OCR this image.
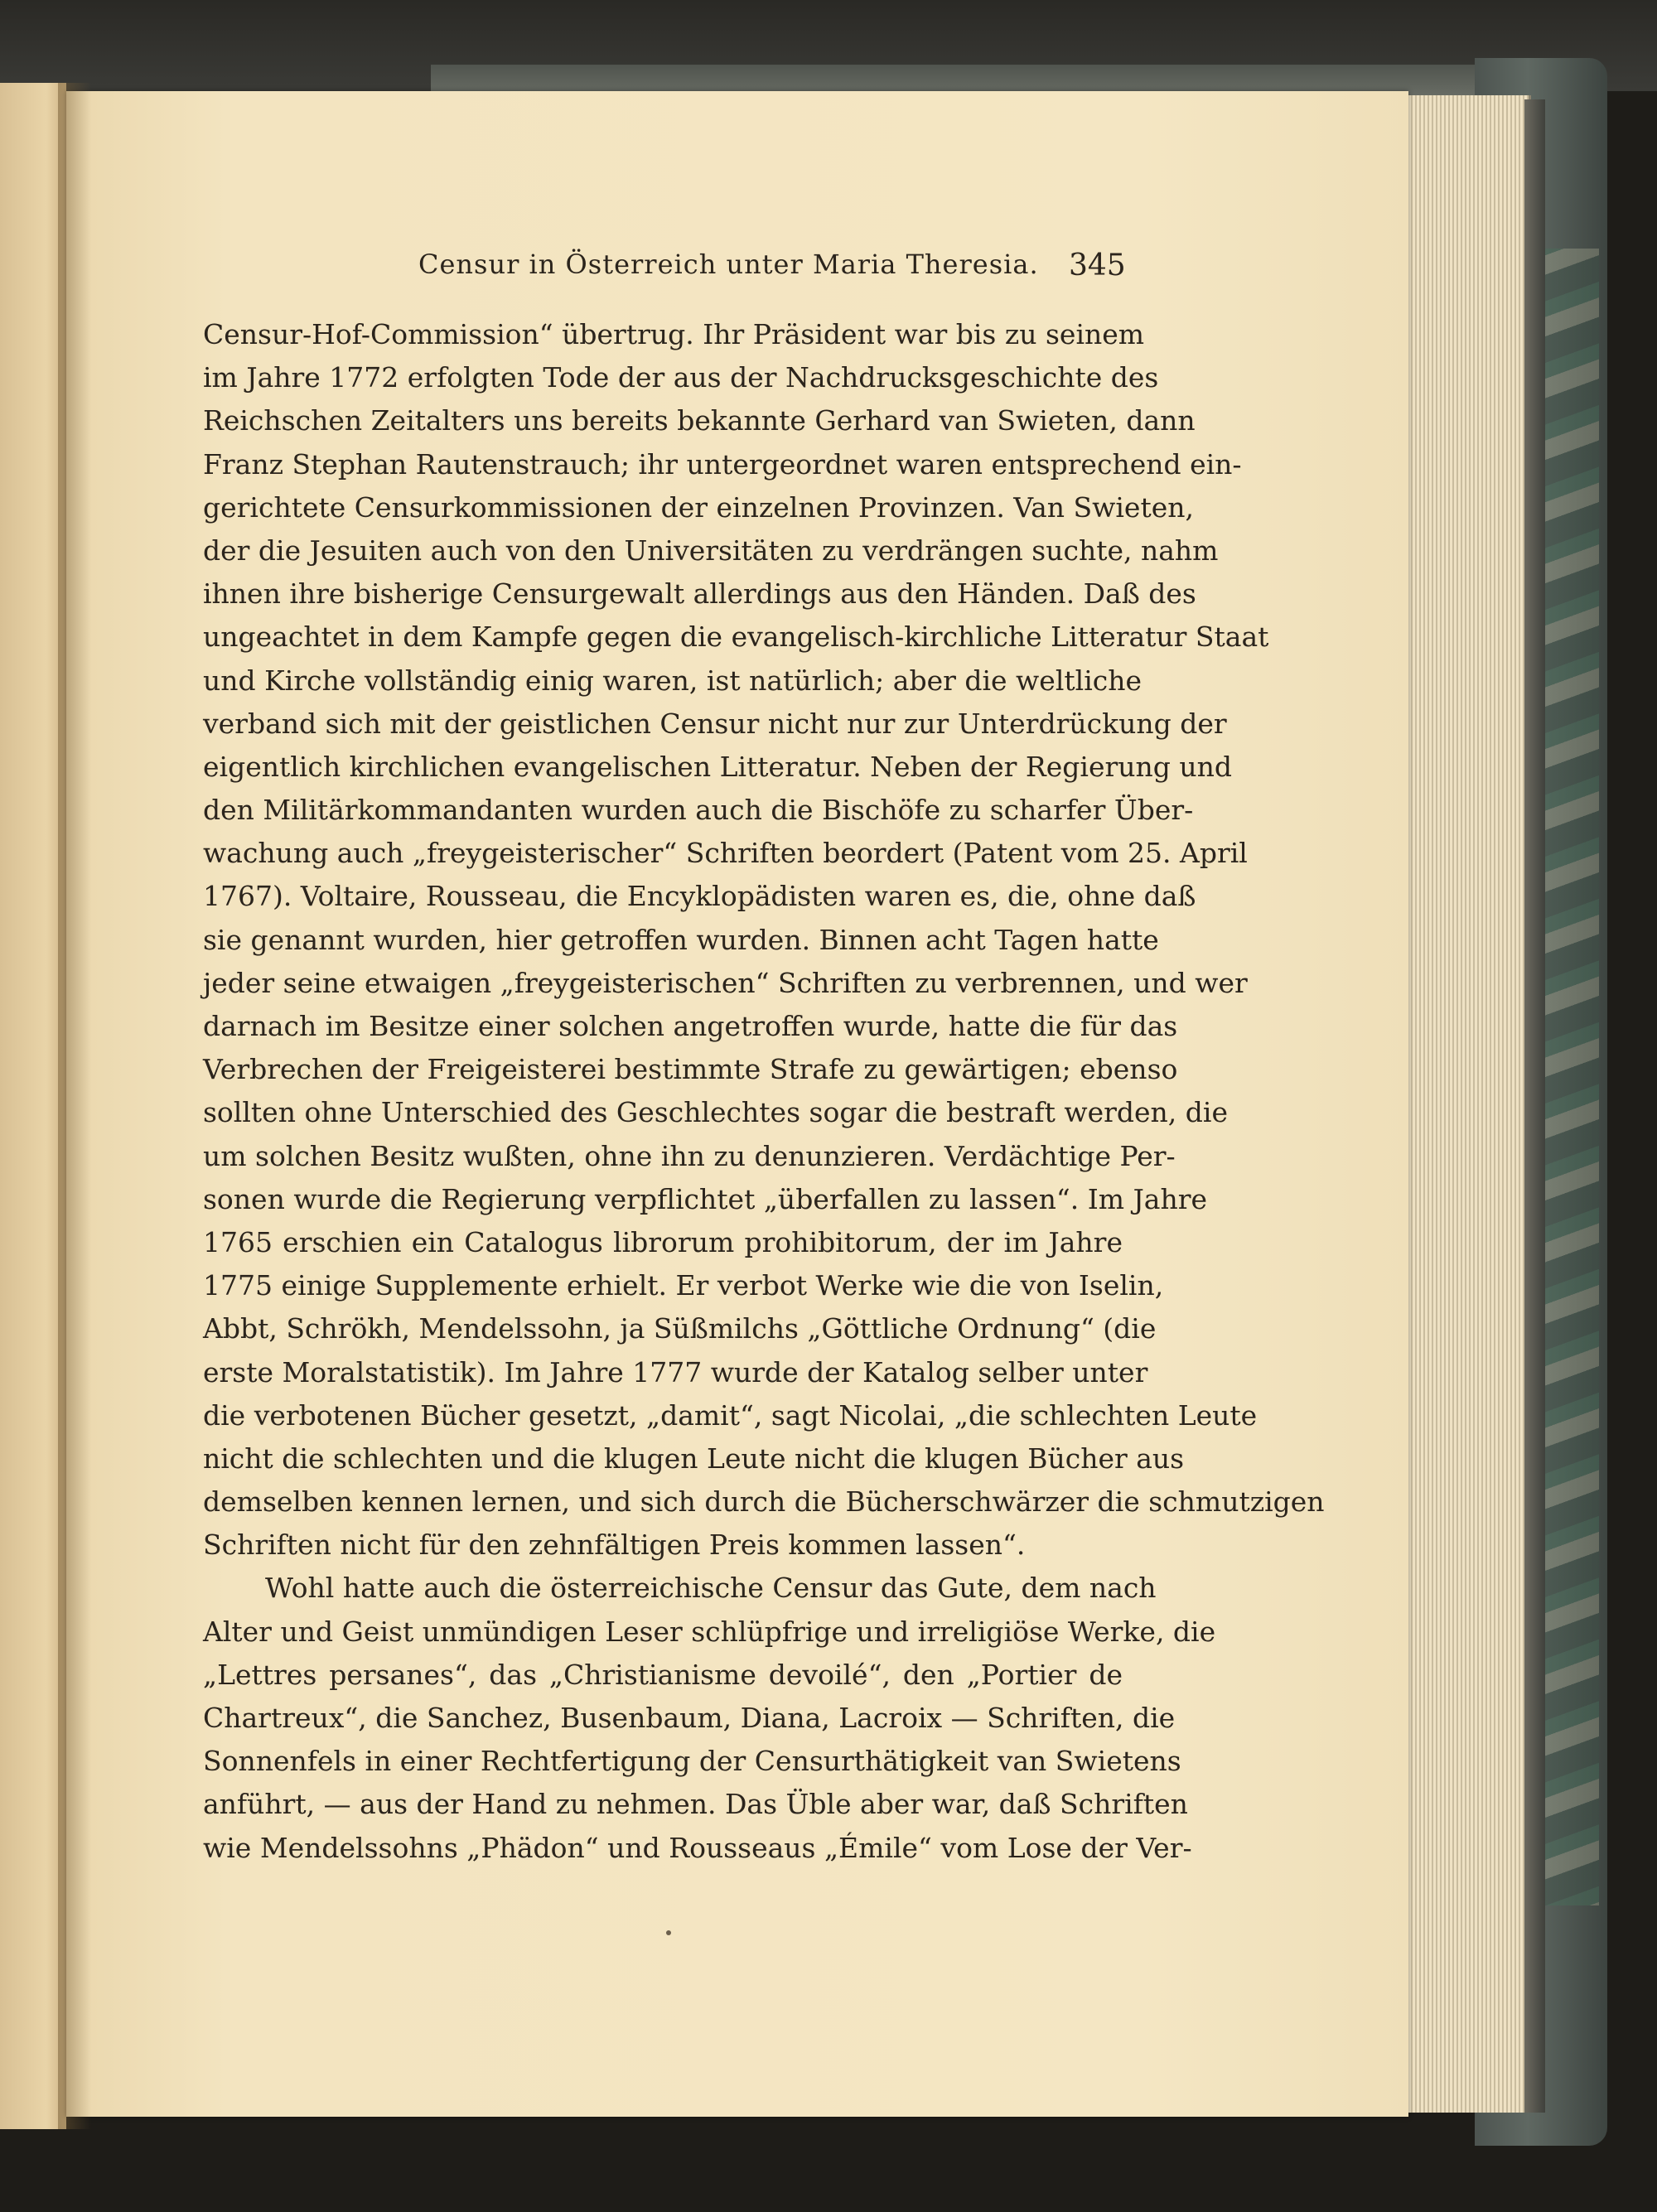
Censur in Österreich unter Maria Theresia. 345
Censur-Hof-Commission“ übertrug. Ihr Präsident war bis zu seinem
im Jahre 1772 erfolgten Tode der aus der Nachdrucksgeschichte des
Reichschen Zeitalters uns bereits bekannte Gerhard van Swieten, dann
Franz Stephan Rautenstrauch; ihr untergeordnet waren entsprechend ein-
gerichtete Censurkommissionen der einzelnen Provinzen. Van Swieten,
der die Jesuiten auch von den Universitäten zu verdrängen suchte, nahm
ihnen ihre bisherige Censurgewalt allerdings aus den Händen. Daß des
ungeachtet in dem Kampfe gegen die evangelisch-kirchliche Litteratur Staat
und Kirche vollständig einig waren, ist natürlich; aber die weltliche
verband sich mit der geistlichen Censur nicht nur zur Unterdrückung der
eigentlich kirchlichen evangelischen Litteratur. Neben der Regierung und
den Militärkommandanten wurden auch die Bischöfe zu scharfer Über-
wachung auch „freygeisterischer“ Schriften beordert (Patent vom 25. April
1767). Voltaire, Rousseau, die Encyklopädisten waren es, die, ohne daß
sie genannt wurden, hier getroffen wurden. Binnen acht Tagen hatte
jeder seine etwaigen „freygeisterischen“ Schriften zu verbrennen, und wer
darnach im Besitze einer solchen angetroffen wurde, hatte die für das
Verbrechen der Freigeisterei bestimmte Strafe zu gewärtigen; ebenso
sollten ohne Unterschied des Geschlechtes sogar die bestraft werden, die
um solchen Besitz wußten, ohne ihn zu denunzieren. Verdächtige Per-
sonen wurde die Regierung verpflichtet „überfallen zu lassen“. Im Jahre
1765 erschien ein Catalogus librorum prohibitorum, der im Jahre
1775 einige Supplemente erhielt. Er verbot Werke wie die von Iselin,
Abbt, Schrökh, Mendelssohn, ja Süßmilchs „Göttliche Ordnung“ (die
erste Moralstatistik). Im Jahre 1777 wurde der Katalog selber unter
die verbotenen Bücher gesetzt, „damit“, sagt Nicolai, „die schlechten Leute
nicht die schlechten und die klugen Leute nicht die klugen Bücher aus
demselben kennen lernen, und sich durch die Bücherschwärzer die schmutzigen
Schriften nicht für den zehnfältigen Preis kommen lassen“.
Wohl hatte auch die österreichische Censur das Gute, dem nach
Alter und Geist unmündigen Leser schlüpfrige und irreligiöse Werke, die
„Lettres persanes“, das „Christianisme devoilé“, den „Portier de
Chartreux“, die Sanchez, Busenbaum, Diana, Lacroix — Schriften, die
Sonnenfels in einer Rechtfertigung der Censurthätigkeit van Swietens
anführt, — aus der Hand zu nehmen. Das Üble aber war, daß Schriften
wie Mendelssohns „Phädon“ und Rousseaus „Émile“ vom Lose der Ver-
